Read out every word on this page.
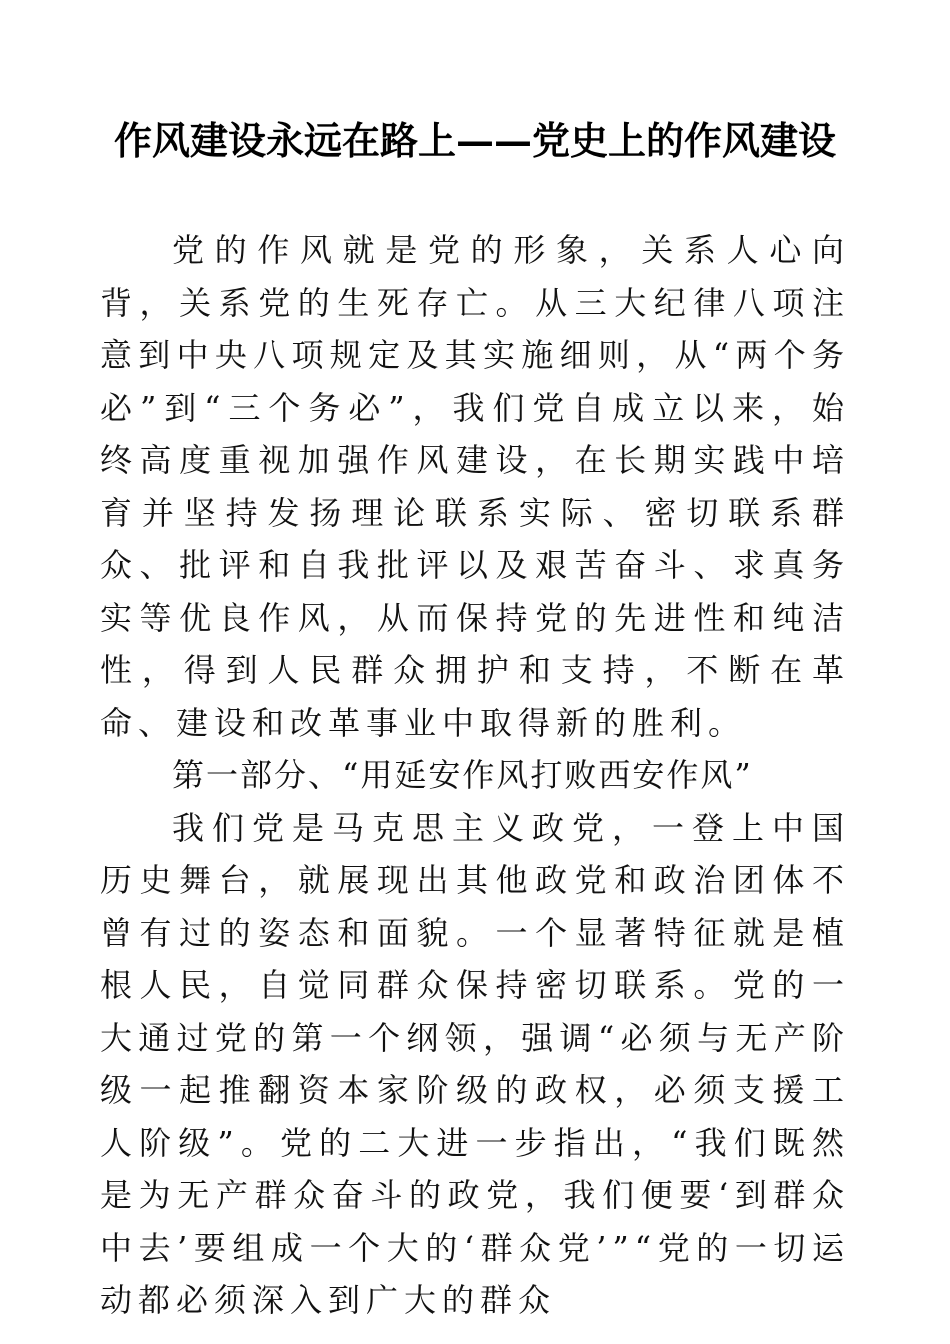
作风建设永远在路上——党史上的作风建设

党的作风就是党的形象，关系人心向背，关系党的生死存亡。从三大纪律八项注意到中央八项规定及其实施细则，从“两个务必”到“三个务必”，我们党自成立以来，始终高度重视加强作风建设，在长期实践中培育并坚持发扬理论联系实际、密切联系群众、批评和自我批评以及艰苦奋斗、求真务实等优良作风，从而保持党的先进性和纯洁性，得到人民群众拥护和支持，不断在革命、建设和改革事业中取得新的胜利。

第一部分、“用延安作风打败西安作风”

我们党是马克思主义政党，一登上中国历史舞台，就展现出其他政党和政治团体不曾有过的姿态和面貌。一个显著特征就是植根人民，自觉同群众保持密切联系。党的一大通过党的第一个纲领，强调“必须与无产阶级一起推翻资本家阶级的政权，必须支援工人阶级”。党的二大进一步指出，“我们既然是为无产群众奋斗的政党，我们便要‘到群众中去’要组成一个大的‘群众党’”“党的一切运动都必须深入到广大的群众
